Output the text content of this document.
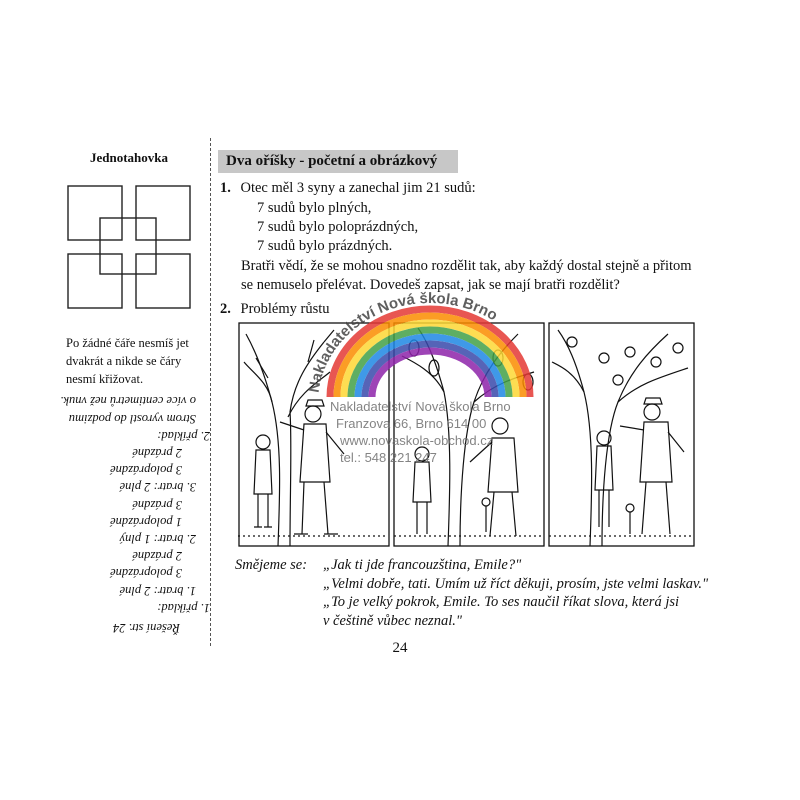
Jednotahovka
Po žádné čáře nesmíš jet
dvakrát a nikde se čáry
nesmí křižovat.
Řešení str. 24
1. příklad:
1. bratr: 2 plné
3 poloprázdné
2 prázdné
2. bratr: 1 plný
1 poloprázdné
3 prázdné
3. bratr: 2 plné
3 poloprázdné
2 prázdné
2. příklad:
Strom vyrostl do podzimu
o více centimetrů než vnuk.
Dva oříšky - početní a obrázkový
1. Otec měl 3 syny a zanechal jim 21 sudů:
7 sudů bylo plných,
7 sudů bylo poloprázdných,
7 sudů bylo prázdných.
Bratři vědí, že se mohou snadno rozdělit tak, aby každý dostal stejně a přitom
se nemuselo přelévat. Dovedeš zapsat, jak se mají bratři rozdělit?
2. Problémy růstu
Nakladatelství Nová škola Brno
Nakladatelství Nová škola Brno
Franzova 66, Brno 614 00
www.novaskola-obchod.cz
tel.: 548 221 247
Smějeme se:	„Jak ti jde francouzština, Emile?"
„Velmi dobře, tati. Umím už říct děkuji, prosím, jste velmi laskav."
„To je velký pokrok, Emile. To ses naučil říkat slova, která jsi
v češtině vůbec neznal."
24
